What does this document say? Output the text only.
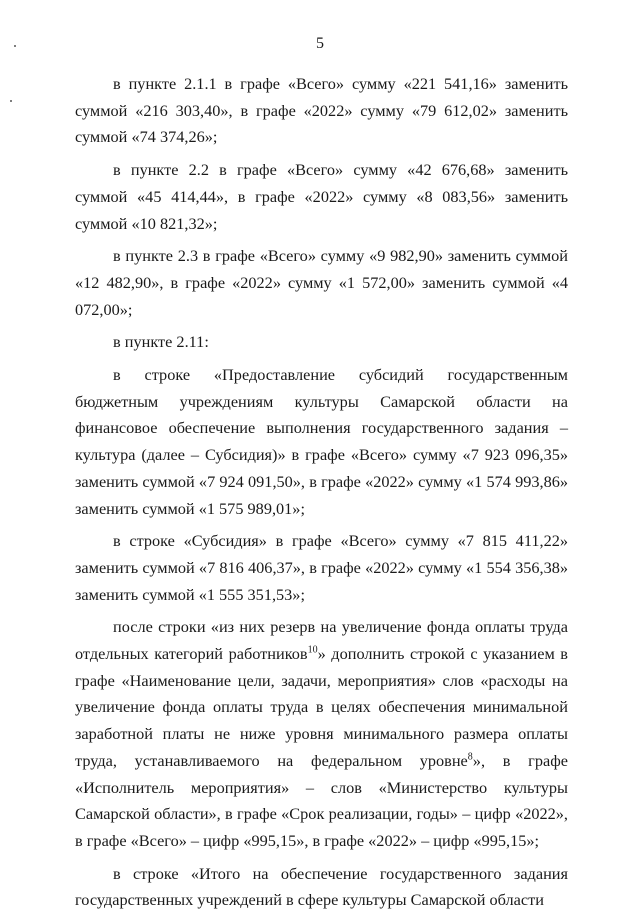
5

в пункте 2.1.1 в графе «Всего» сумму «221 541,16» заменить суммой «216 303,40», в графе «2022» сумму «79 612,02» заменить суммой «74 374,26»;

в пункте 2.2 в графе «Всего» сумму «42 676,68» заменить суммой «45 414,44», в графе «2022» сумму «8 083,56» заменить суммой «10 821,32»;

в пункте 2.3 в графе «Всего» сумму «9 982,90» заменить суммой «12 482,90», в графе «2022» сумму «1 572,00» заменить суммой «4 072,00»;

в пункте 2.11:

в строке «Предоставление субсидий государственным бюджетным учреждениям культуры Самарской области на финансовое обеспечение выполнения государственного задания – культура (далее – Субсидия)» в графе «Всего» сумму «7 923 096,35» заменить суммой «7 924 091,50», в графе «2022» сумму «1 574 993,86» заменить суммой «1 575 989,01»;

в строке «Субсидия» в графе «Всего» сумму «7 815 411,22» заменить суммой «7 816 406,37», в графе «2022» сумму «1 554 356,38» заменить суммой «1 555 351,53»;

после строки «из них резерв на увеличение фонда оплаты труда отдельных категорий работников$^{10}$» дополнить строкой с указанием в графе «Наименование цели, задачи, мероприятия» слов «расходы на увеличение фонда оплаты труда в целях обеспечения минимальной заработной платы не ниже уровня минимального размера оплаты труда, устанавливаемого на федеральном уровне$^8$», в графе «Исполнитель мероприятия» – слов «Министерство культуры Самарской области», в графе «Срок реализации, годы» – цифр «2022», в графе «Всего» – цифр «995,15», в графе «2022» – цифр «995,15»;

в строке «Итого на обеспечение государственного задания государственных учреждений в сфере культуры Самарской области
